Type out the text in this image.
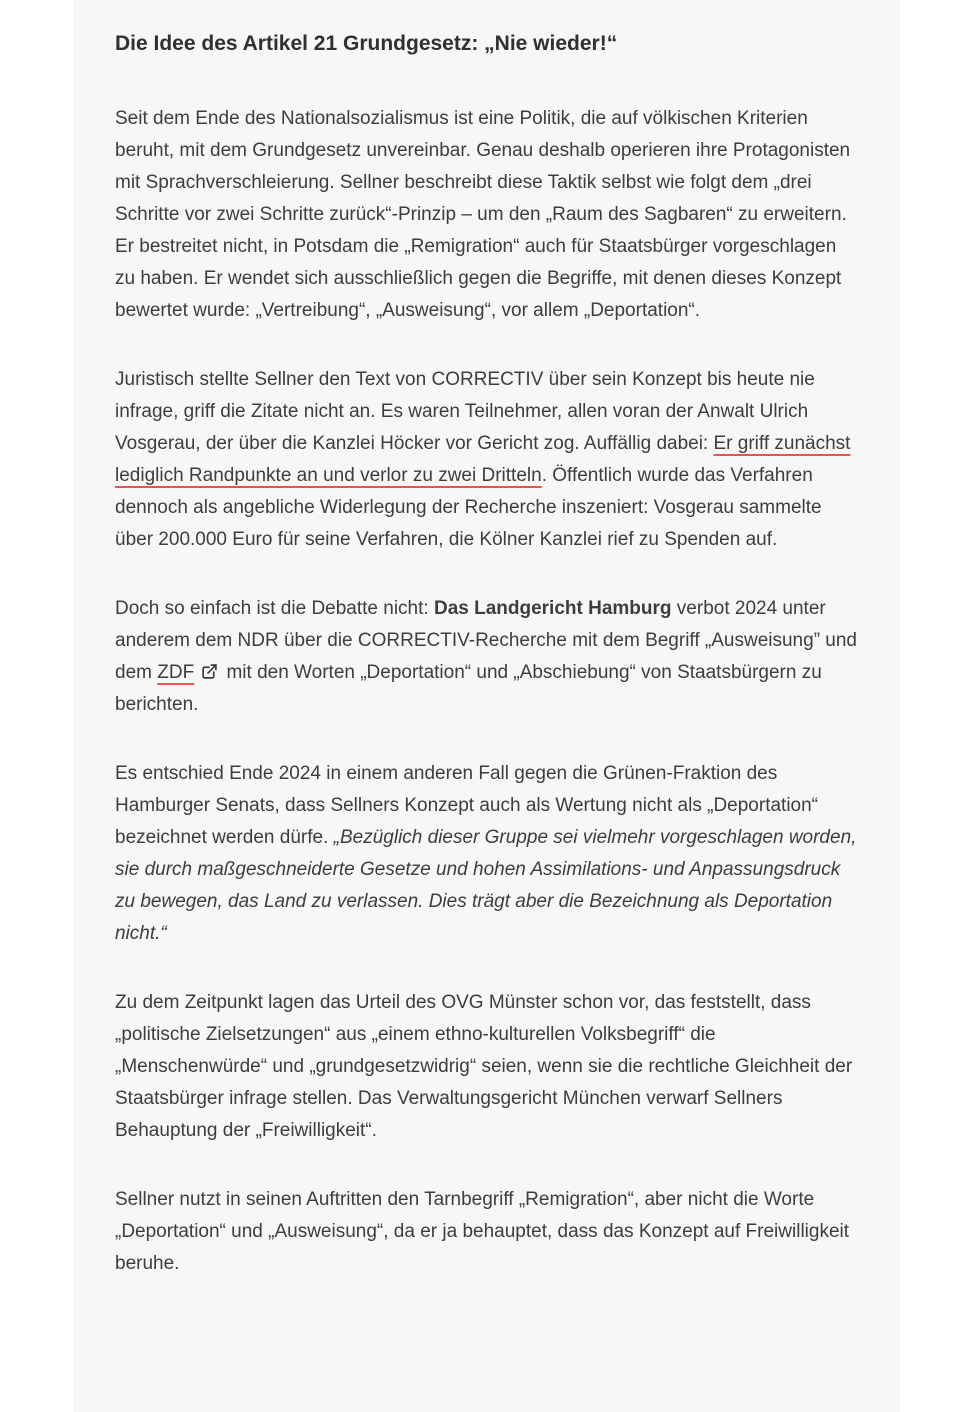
Die Idee des Artikel 21 Grundgesetz: „Nie wieder!“

Seit dem Ende des Nationalsozialismus ist eine Politik, die auf völkischen Kriterien beruht, mit dem Grundgesetz unvereinbar. Genau deshalb operieren ihre Protagonisten mit Sprachverschleierung. Sellner beschreibt diese Taktik selbst wie folgt dem „drei Schritte vor zwei Schritte zurück“-Prinzip – um den „Raum des Sagbaren“ zu erweitern. Er bestreitet nicht, in Potsdam die „Remigration“ auch für Staatsbürger vorgeschlagen zu haben. Er wendet sich ausschließlich gegen die Begriffe, mit denen dieses Konzept bewertet wurde: „Vertreibung“, „Ausweisung“, vor allem „Deportation“.

Juristisch stellte Sellner den Text von CORRECTIV über sein Konzept bis heute nie infrage, griff die Zitate nicht an. Es waren Teilnehmer, allen voran der Anwalt Ulrich Vosgerau, der über die Kanzlei Höcker vor Gericht zog. Auffällig dabei: Er griff zunächst lediglich Randpunkte an und verlor zu zwei Dritteln. Öffentlich wurde das Verfahren dennoch als angebliche Widerlegung der Recherche inszeniert: Vosgerau sammelte über 200.000 Euro für seine Verfahren, die Kölner Kanzlei rief zu Spenden auf.

Doch so einfach ist die Debatte nicht: Das Landgericht Hamburg verbot 2024 unter anderem dem NDR über die CORRECTIV-Recherche mit dem Begriff „Ausweisung” und dem ZDF
mit den Worten „Deportation“ und „Abschiebung“ von Staatsbürgern zu berichten.

Es entschied Ende 2024 in einem anderen Fall gegen die Grünen-Fraktion des Hamburger Senats, dass Sellners Konzept auch als Wertung nicht als „Deportation“ bezeichnet werden dürfe. „Bezüglich dieser Gruppe sei vielmehr vorgeschlagen worden, sie durch maßgeschneiderte Gesetze und hohen Assimilations- und Anpassungsdruck zu bewegen, das Land zu verlassen. Dies trägt aber die Bezeichnung als Deportation nicht.“

Zu dem Zeitpunkt lagen das Urteil des OVG Münster schon vor, das feststellt, dass „politische Zielsetzungen“ aus „einem ethno-kulturellen Volksbegriff“ die „Menschenwürde“ und „grundgesetzwidrig“ seien, wenn sie die rechtliche Gleichheit der Staatsbürger infrage stellen. Das Verwaltungsgericht München verwarf Sellners Behauptung der „Freiwilligkeit“.

Sellner nutzt in seinen Auftritten den Tarnbegriff „Remigration“, aber nicht die Worte „Deportation“ und „Ausweisung“, da er ja behauptet, dass das Konzept auf Freiwilligkeit beruhe.
